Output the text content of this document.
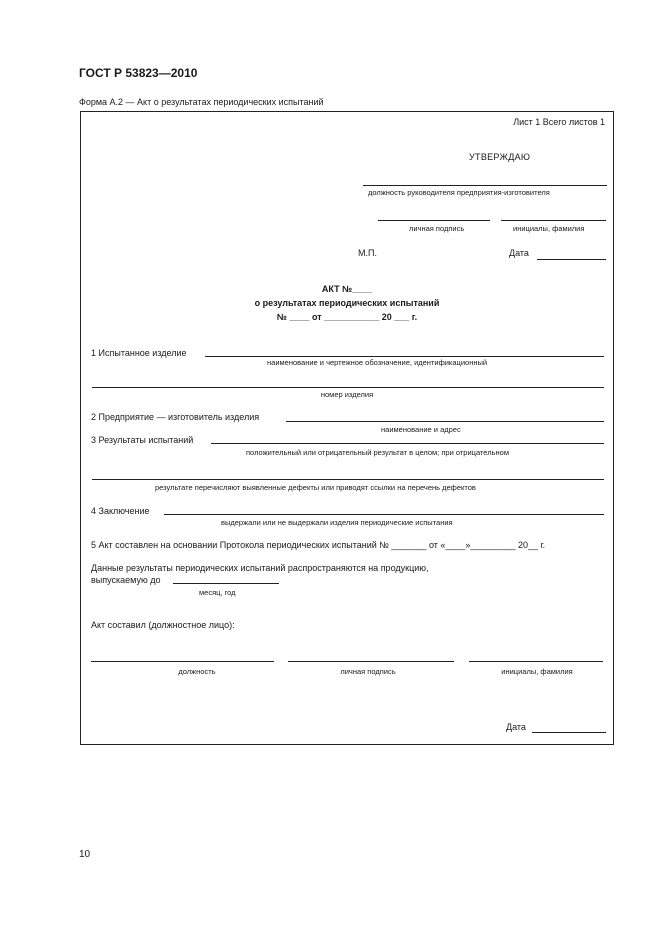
ГОСТ Р 53823—2010
Форма А.2 — Акт о результатах периодических испытаний
Лист 1 Всего листов 1
УТВЕРЖДАЮ
должность руководителя предприятия-изготовителя
личная подпись	инициалы, фамилия
М.П.	Дата
АКТ №____
о результатах периодических испытаний
№ ____ от ___________ 20 ___ г.
1 Испытанное изделие
наименование и чертежное обозначение, идентификационный
номер изделия
2 Предприятие — изготовитель изделия
наименование и адрес
3 Результаты испытаний
положительный или отрицательный результат в целом; при отрицательном
результате перечисляют выявленные дефекты или приводят ссылки на перечень дефектов
4 Заключение
выдержали или не выдержали изделия периодические испытания
5 Акт составлен на основании Протокола периодических испытаний № _______ от «____»_________ 20__ г.
Данные результаты периодических испытаний распространяются на продукцию,
выпускаемую до
месяц, год
Акт составил (должностное лицо):
должность	личная подпись	инициалы, фамилия
Дата
10
